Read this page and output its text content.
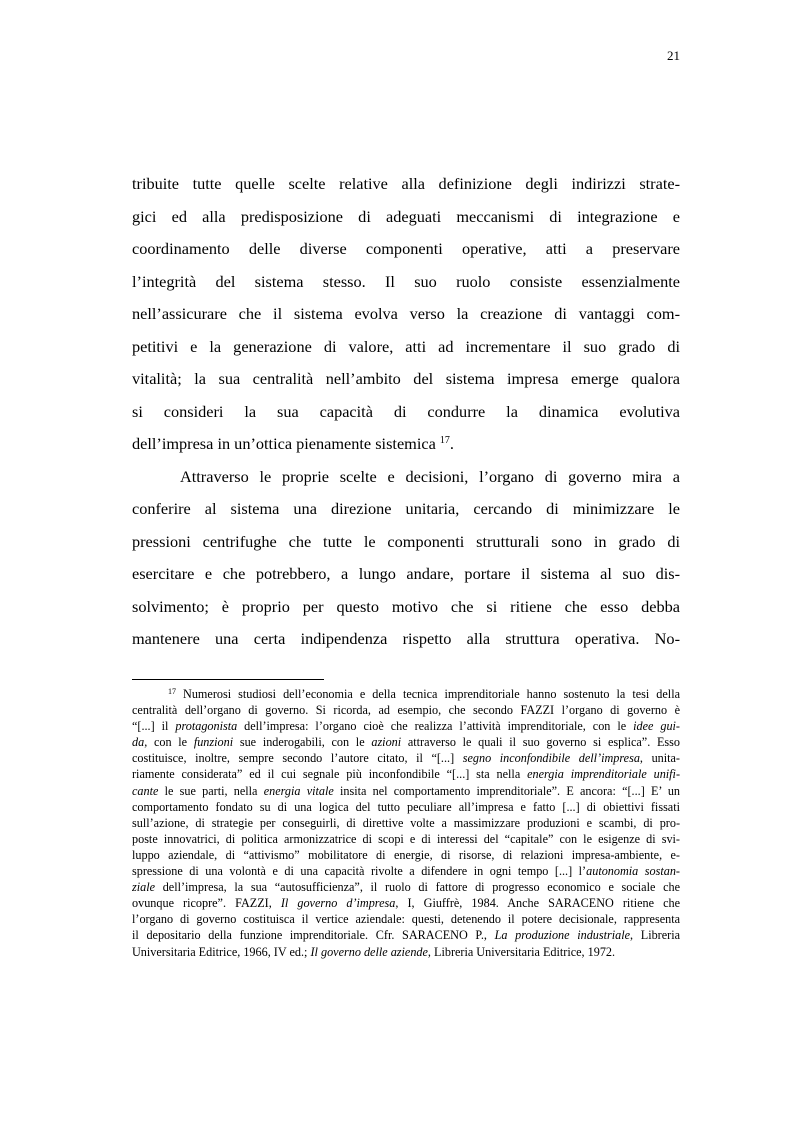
21
tribuite tutte quelle scelte relative alla definizione degli indirizzi strate-
gici ed alla predisposizione di adeguati meccanismi di integrazione e
coordinamento delle diverse componenti operative, atti a preservare
l’integrità del sistema stesso. Il suo ruolo consiste essenzialmente
nell’assicurare che il sistema evolva verso la creazione di vantaggi com-
petitivi e la generazione di valore, atti ad incrementare il suo grado di
vitalità; la sua centralità nell’ambito del sistema impresa emerge qualora
si consideri la sua capacità di condurre la dinamica evolutiva
dell’impresa in un’ottica pienamente sistemica $^{17}$.
Attraverso le proprie scelte e decisioni, l’organo di governo mira a
conferire al sistema una direzione unitaria, cercando di minimizzare le
pressioni centrifughe che tutte le componenti strutturali sono in grado di
esercitare e che potrebbero, a lungo andare, portare il sistema al suo dis-
solvimento; è proprio per questo motivo che si ritiene che esso debba
mantenere una certa indipendenza rispetto alla struttura operativa. No-
$^{17}$ Numerosi studiosi dell’economia e della tecnica imprenditoriale hanno sostenuto la tesi della
centralità dell’organo di governo. Si ricorda, ad esempio, che secondo FAZZI l’organo di governo è
“[...] il protagonista dell’impresa: l’organo cioè che realizza l’attività imprenditoriale, con le idee gui-
da, con le funzioni sue inderogabili, con le azioni attraverso le quali il suo governo si esplica”. Esso
costituisce, inoltre, sempre secondo l’autore citato, il “[...] segno inconfondibile dell’impresa, unita-
riamente considerata” ed il cui segnale più inconfondibile “[...] sta nella energia imprenditoriale unifi-
cante le sue parti, nella energia vitale insita nel comportamento imprenditoriale”. E ancora: “[...] E’ un
comportamento fondato su di una logica del tutto peculiare all’impresa e fatto [...] di obiettivi fissati
sull’azione, di strategie per conseguirli, di direttive volte a massimizzare produzioni e scambi, di pro-
poste innovatrici, di politica armonizzatrice di scopi e di interessi del “capitale” con le esigenze di svi-
luppo aziendale, di “attivismo” mobilitatore di energie, di risorse, di relazioni impresa-ambiente, e-
spressione di una volontà e di una capacità rivolte a difendere in ogni tempo [...] l’autonomia sostan-
ziale dell’impresa, la sua “autosufficienza”, il ruolo di fattore di progresso economico e sociale che
ovunque ricopre”. FAZZI, Il governo d’impresa, I, Giuffrè, 1984. Anche SARACENO ritiene che
l’organo di governo costituisca il vertice aziendale: questi, detenendo il potere decisionale, rappresenta
il depositario della funzione imprenditoriale. Cfr. SARACENO P., La produzione industriale, Libreria
Universitaria Editrice, 1966, IV ed.; Il governo delle aziende, Libreria Universitaria Editrice, 1972.
